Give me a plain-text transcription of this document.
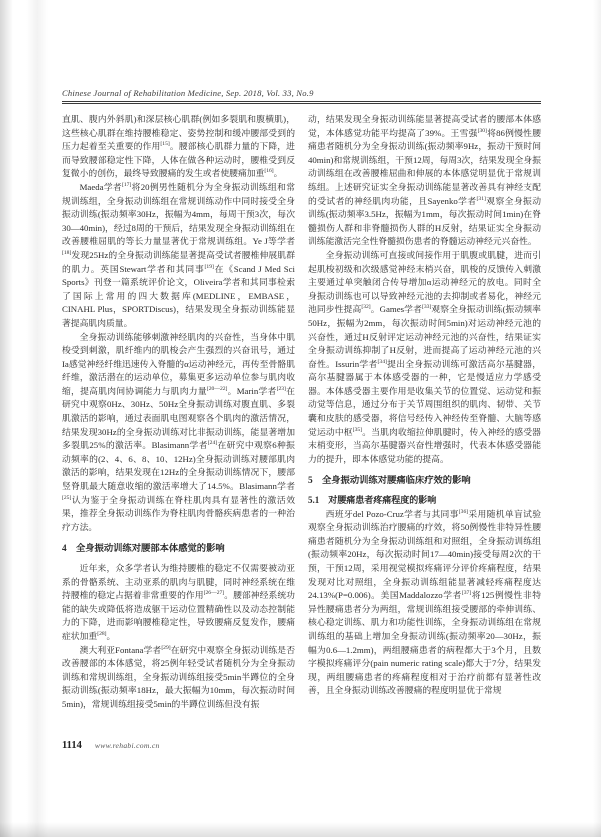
Chinese Journal of Rehabilitation Medicine, Sep. 2018, Vol. 33, No.9
直肌、腹内外斜肌)和深层核心肌群(例如多裂肌和腹横肌)，这些核心肌群在维持腰椎稳定、姿势控制和缓冲腰部受到的压力起着至关重要的作用[15]。腰部核心肌群力量的下降，进而导致腰部稳定性下降，人体在做各种运动时，腰椎受到反复微小的创伤，最终导致腰痛的发生或者使腰痛加重[16]。
Maeda学者[17]将20例男性随机分为全身振动训练组和常规训练组，全身振动训练组在常规训练动作中同时接受全身振动训练(振动频率30Hz，振幅为4mm，每周干预3次，每次30—40min)，经过8周的干预后，结果发现全身振动训练组在改善腰椎屈肌的等长力量显著优于常规训练组。Ye J等学者[18]发现25Hz的全身振动训练能显著提高受试者腰椎伸展肌群的肌力。英国Stewart学者和其同事[19]在《Scand J Med Sci Sports》刊登一篇系统评价论文，Oliveira学者和其同事检索了国际上常用的四大数据库(MEDLINE，EMBASE，CINAHL Plus，SPORTDiscus)，结果发现全身振动训练能显著提高肌肉质量。
全身振动训练能够刺激神经肌肉的兴奋性，当身体中肌梭受到刺激，肌纤维内的肌梭会产生强烈的兴奋讯号，通过Ia感觉神经纤维迅速传入脊髓的α运动神经元，再传至骨骼肌纤维，激活潜在的运动单位，募集更多运动单位参与肌肉收缩，提高肌肉间协调能力与肌肉力量[20—22]。Marin学者[23]在研究中观察0Hz、30Hz、50Hz全身振动训练对腹直肌、多裂肌激活的影响，通过表面肌电图观察各个肌肉的激活情况，结果发现30Hz的全身振动训练对比非振动训练，能显著增加多裂肌25%的激活率。Blasimann学者[24]在研究中观察6种振动频率的(2、4、6、8、10、12Hz)全身振动训练对腰部肌肉激活的影响，结果发现在12Hz的全身振动训练情况下，腰部竖脊肌最大随意收缩的激活率增大了14.5%。Blasimann学者[25]认为鉴于全身振动训练在脊柱肌肉具有显著性的激活效果，推荐全身振动训练作为脊柱肌肉骨骼疾病患者的一种治疗方法。
4　全身振动训练对腰部本体感觉的影响
近年来，众多学者认为维持腰椎的稳定不仅需要被动亚系的骨骼系统、主动亚系的肌肉与肌腱，同时神经系统在维持腰椎的稳定占据着非常重要的作用[26—27]。腰部神经系统功能的缺失或降低将造成躯干运动位置精确性以及动态控制能力的下降，进而影响腰椎稳定性，导致腰痛反复发作，腰痛症状加重[28]。
澳大利亚Fontana学者[29]在研究中观察全身振动训练是否改善腰部的本体感觉，将25例年轻受试者随机分为全身振动训练和常规训练组，全身振动训练组接受5min半蹲位的全身振动训练(振动频率18Hz，最大振幅为10mm，每次振动时间5min)，常规训练组接受5min的半蹲位训练但没有振
动，结果发现全身振动训练能显著提高受试者的腰部本体感觉，本体感觉功能平均提高了39%。王雪强[30]将86例慢性腰痛患者随机分为全身振动训练(振动频率9Hz，振动干预时间40min)和常规训练组，干预12周，每周3次，结果发现全身振动训练组在改善腰椎屈曲和伸展的本体感觉明显优于常规训练组。上述研究证实全身振动训练能显著改善具有神经支配的受试者的神经肌肉功能，且Sayenko学者[31]观察全身振动训练(振动频率3.5Hz，振幅为1mm，每次振动时间1min)在脊髓损伤人群和非脊髓损伤人群的H反射，结果证实全身振动训练能激活完全性脊髓损伤患者的脊髓运动神经元兴奋性。
全身振动训练可直接或间接作用于肌腹或肌腱，进而引起肌梭初级和次级感觉神经末梢兴奋，肌梭的反馈传入刺激主要通过单突触闭合传导增加α运动神经元的放电。同时全身振动训练也可以导致神经元池的去抑制或者易化，神经元池同步性提高[32]。Games学者[33]观察全身振动训练(振动频率50Hz，振幅为2mm，每次振动时间5min)对运动神经元池的兴奋性，通过H反射评定运动神经元池的兴奋性，结果证实全身振动训练抑制了H反射，进而提高了运动神经元池的兴奋性。Issurin学者[34]提出全身振动训练可激活高尔基腱器，高尔基腱器属于本体感受器的一种，它是慢适应力学感受器。本体感受器主要作用是收集关节的位置觉、运动觉和振动觉等信息，通过分布于关节周围组织的肌肉、韧带、关节囊和皮肤的感受器，将信号经传入神经传至脊髓、大脑等感觉运动中枢[35]。当肌肉收缩拉伸肌腱时，传入神经的感受器末梢变形，当高尔基腱器兴奋性增强时，代表本体感受器能力的提升，即本体感觉功能的提高。
5　全身振动训练对腰痛临床疗效的影响
5.1　对腰痛患者疼痛程度的影响
西班牙del Pozo-Cruz学者与其同事[36]采用随机单盲试验观察全身振动训练治疗腰痛的疗效，将50例慢性非特异性腰痛患者随机分为全身振动训练组和对照组，全身振动训练组(振动频率20Hz，每次振动时间17—40min)接受每周2次的干预，干预12周，采用视觉模拟疼痛评分评价疼痛程度，结果发现对比对照组，全身振动训练组能显著减轻疼痛程度达24.13%(P=0.006)。美国Maddalozzo学者[37]将125例慢性非特异性腰痛患者分为两组，常规训练组接受腰部的牵伸训练、核心稳定训练、肌力和功能性训练，全身振动训练组在常规训练组的基础上增加全身振动训练(振动频率20—30Hz，振幅为0.6—1.2mm)，两组腰痛患者的病程都大于3个月，且数字模拟疼痛评分(pain numeric rating scale)都大于7分，结果发现，两组腰痛患者的疼痛程度相对于治疗前都有显著性改善，且全身振动训练改善腰痛的程度明显优于常规
1114 www.rehabi.com.cn
